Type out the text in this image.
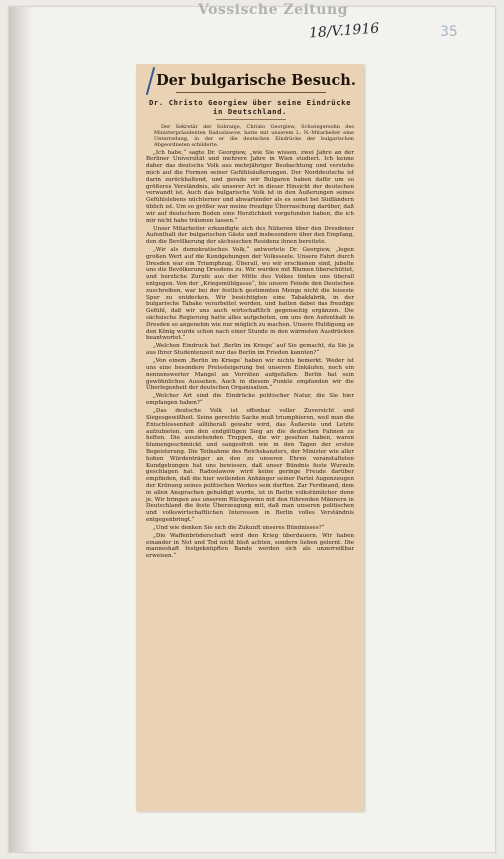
Vossische Zeitung

18/V.1916	35

Der bulgarische Besuch.
Dr. Christo Georgiew über seine Eindrücke in Deutschland.

Der Sekretär der Sobranje, Christo Georgiew, Schwiegersohn des Ministerpräsidenten Radoslawow, hatte mit unserem L. N.-Mitarbeiter eine Unterredung, in der er die deutschen Eindrücke der bulgarischen Abgeordneten schilderte.

„Ich habe,“ sagte Dr. Georgiew, „wie Sie wissen, zwei Jahre an der Berliner Universität und mehrere Jahre in Wien studiert. Ich kenne daher das deutsche Volk aus mehrjähriger Beobachtung und verstehe mich auf die Formen seiner Gefühlsäußerungen. Der Norddeutsche ist darin zurückhaltend, und gerade wir Bulgaren haben dafür um so größeres Verständnis, als unserer Art in dieser Hinsicht der deutschen verwandt ist. Auch das bulgarische Volk ist in den Äußerungen seines Gefühlslebens nüchterner und abwartender als es sonst bei Südländern üblich ist. Um so größer war meine freudige Überraschung darüber, daß wir auf deutschem Boden eine Herzlichkeit vorgefunden haben, die ich mir nicht habe träumen lassen.“

Unser Mitarbeiter erkundigte sich des Näheren über den Dresdener Aufenthalt der bulgarischen Gäste und insbesondere über den Empfang, den die Bevölkerung der sächsischen Residenz ihnen bereitete.

„Wir als demokratisches Volk,“ antwortete Dr. Georgiew, „legen großen Wert auf die Kundgebungen der Volksseele. Unsere Fahrt durch Dresden war ein Triumphzug. Überall, wo wir erschienen sind, jubelte uns die Bevölkerung Dresdens zu. Wir wurden mit Blumen überschüttet, und herzliche Zurufe aus der Mitte des Volkes tönten uns überall entgegen. Von der „Kriegsmühlgasse“, bis unsere Feinde den Deutschen zuschreiben, war bei der festlich gestimmten Menge nicht die leiseste Spur zu entdecken. Wir besichtigten eine Tabakfabrik, in der bulgarische Tabake verarbeitet werden, und hatten dabei das freudige Gefühl, daß wir uns auch wirtschaftlich gegenseitig ergänzen. Die sächsische Regierung hatte alles aufgeboten, um uns den Aufenthalt in Dresden so angenehm wie nur möglich zu machen. Unsere Huldigung an den König wurde schon nach einer Stunde in den wärmsten Ausdrücken beantwortet.“

„Welchen Eindruck hat ‚Berlin im Kriege‘ auf Sie gemacht, da Sie ja aus Ihrer Studentenzeit nur das Berlin im Frieden kannten?“

„Von einem ‚Berlin im Kriege‘ haben wir nichts bemerkt. Weder ist uns eine besondere Preissteigerung bei unseren Einkäufen, noch ein nennenswerter Mangel an Vorräten aufgefallen. Berlin hat sein gewöhnliches Aussehen. Auch in diesem Punkte empfanden wir die Überlegenheit der deutschen Organisation.“

„Welcher Art sind die Eindrücke politischer Natur, die Sie hier empfangen haben?“

„Das deutsche Volk ist offenbar voller Zuversicht und Siegesgewißheit. Seine gerechte Sache muß triumphieren, weil man die Entschlossenheit allüberall gewahr wird, das Äußerste und Letzte aufzubieten, um den endgültigen Sieg an die deutschen Fahnen zu heften. Die ausziehenden Truppen, die wir gesehen haben, waren blumengeschmückt und sangesfroh wie in den Tagen der ersten Begeisterung. Die Teilnahme des Reichskanzlers, der Minister wie aller hohen Würdenträger an den zu unseren Ehren veranstalteten Kundgebungen hat uns bewiesen, daß unser Bündnis feste Wurzeln geschlagen hat. Radoslawow wird keine geringe Freude darüber empfinden, daß die hier weilenden Anhänger seiner Partei Augenzeugen der Krönung seines politischen Werkes sein durften. Zar Ferdinand, dem in allen Ansprachen gehuldigt wurde, ist in Berlin volkstümlicher denn je. Wir bringen aus unserem Rückgewinn mit den führenden Männern in Deutschland die feste Überzeugung mit, daß man unseren politischen und volkswirtschaftlichen Interessen in Berlin volles Verständnis entgegenbringt.“

„Und wie denken Sie sich die Zukunft unseres Bündnisses?“

„Die Waffenbrüderschaft wird den Krieg überdauern. Wir haben einander in Not und Tod nicht bloß achten, sondern lieben gelernt. Die manneshaft festgeknüpften Bande werden sich als unzerreißbar erweisen.“
